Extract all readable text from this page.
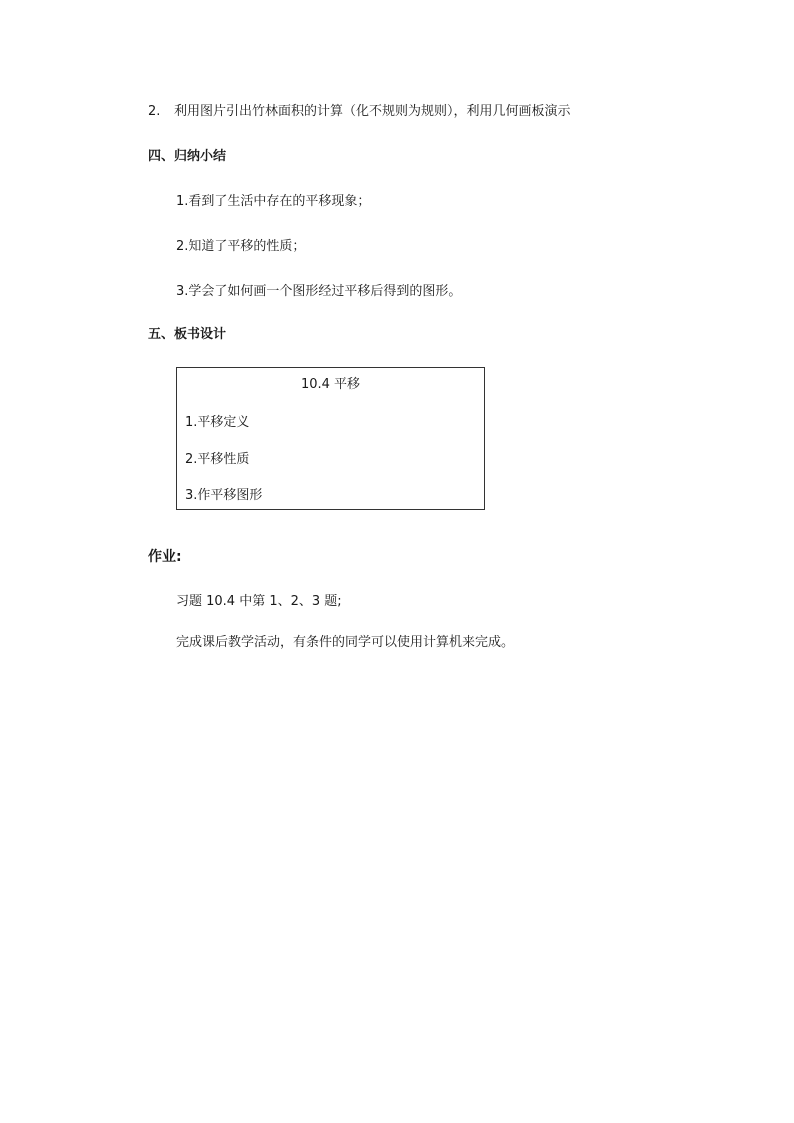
2. 利用图片引出竹林面积的计算（化不规则为规则），利用几何画板演示
四、归纳小结
1.看到了生活中存在的平移现象；
2.知道了平移的性质；
3.学会了如何画一个图形经过平移后得到的图形。
五、板书设计
10.4 平移
1.平移定义
2.平移性质
3.作平移图形
作业:
习题 10.4 中第 1、2、3 题;
完成课后教学活动，有条件的同学可以使用计算机来完成。
